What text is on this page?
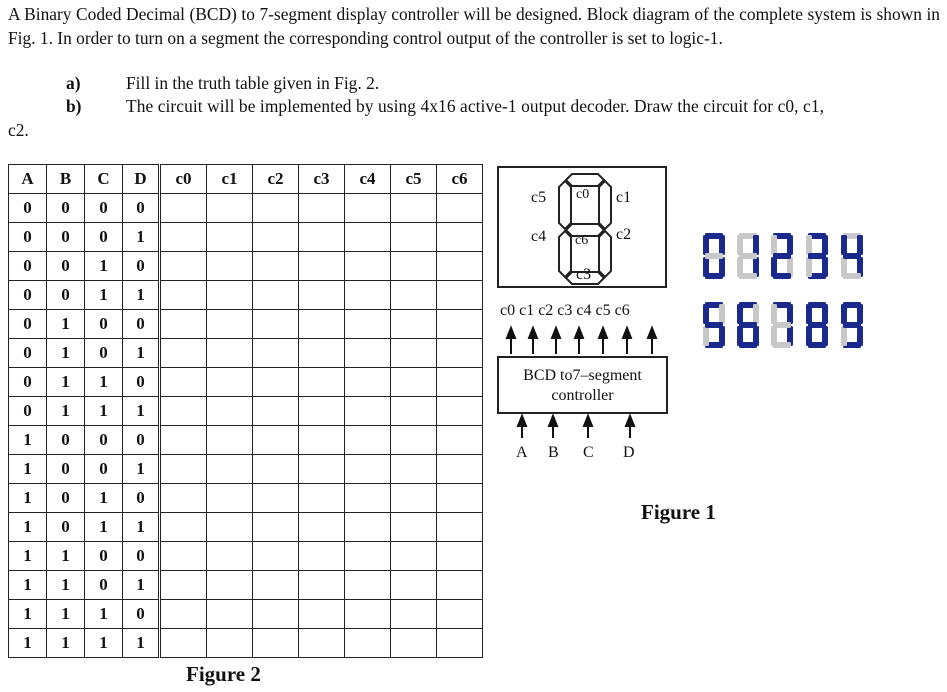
A Binary Coded Decimal (BCD) to 7-segment display controller will be designed. Block diagram of the complete system is shown in Fig. 1. In order to turn on a segment the corresponding control output of the controller is set to logic-1.

a)	Fill in the truth table given in Fig. 2.
b)	The circuit will be implemented by using 4x16 active-1 output decoder. Draw the circuit for c0, c1,
c2.
A	B	C	D	c0	c1	c2	c3	c4	c5	c6
0	0	0	0							
0	0	0	1							
0	0	1	0							
0	0	1	1							
0	1	0	0							
0	1	0	1							
0	1	1	0							
0	1	1	1							
1	0	0	0							
1	0	0	1							
1	0	1	0							
1	0	1	1							
1	1	0	0							
1	1	0	1							
1	1	1	0							
1	1	1	1							
Figure 2
c0 c1
c2
c3
c4
c5
c6
c0 c1 c2 c3 c4 c5 c6
BCD to7–segment
controller
A B C D
Figure 1
